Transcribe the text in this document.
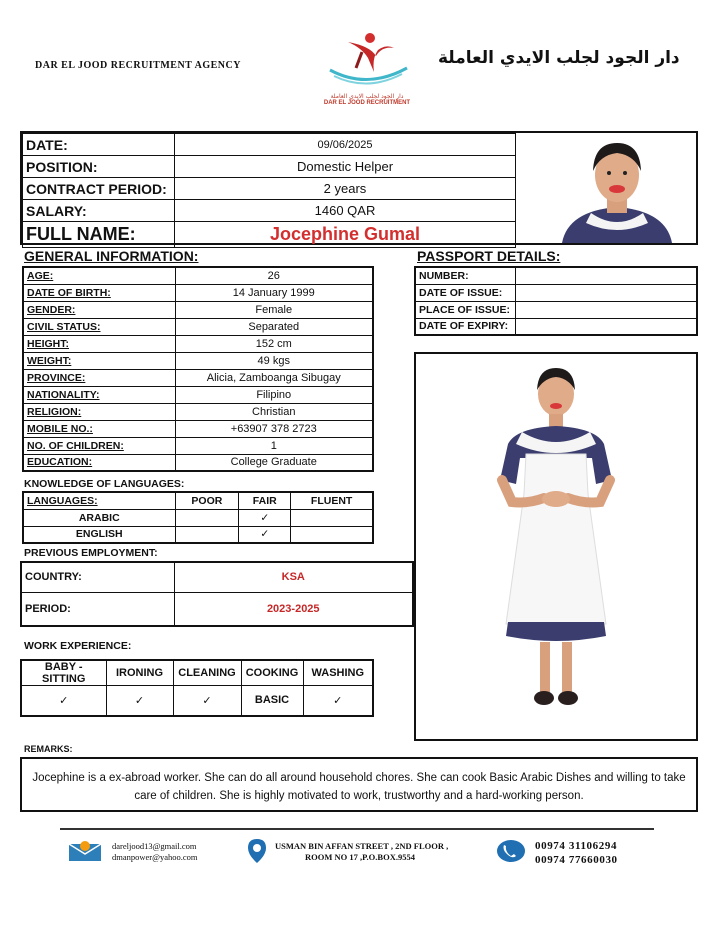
DAR EL JOOD RECRUITMENT AGENCY
دار الجود لجلب الايدي العاملة
DAR EL JOOD RECRUITMENT
دار الجود لجلب الايدي العاملة
DATE:	09/06/2025
POSITION:	Domestic Helper
CONTRACT PERIOD:	2 years
SALARY:	1460 QAR
FULL NAME:	Jocephine Gumal
GENERAL INFORMATION:
AGE:	26
DATE OF BIRTH:	14 January 1999
GENDER:	Female
CIVIL STATUS:	Separated
HEIGHT:	152 cm
WEIGHT:	49 kgs
PROVINCE:	Alicia, Zamboanga Sibugay
NATIONALITY:	Filipino
RELIGION:	Christian
MOBILE NO.:	+63907 378 2723
NO. OF CHILDREN:	1
EDUCATION:	College Graduate
PASSPORT DETAILS:
NUMBER:	
DATE OF ISSUE:	
PLACE OF ISSUE:	
DATE OF EXPIRY:	
KNOWLEDGE OF LANGUAGES:
LANGUAGES:	POOR	FAIR	FLUENT
ARABIC		✓	
ENGLISH		✓	
PREVIOUS EMPLOYMENT:
COUNTRY:	KSA
PERIOD:	2023-2025
WORK EXPERIENCE:
BABY - SITTING	IRONING	CLEANING	COOKING	WASHING
✓	✓	✓	BASIC	✓
REMARKS:
Jocephine is a ex-abroad worker. She can do all around household chores. She can cook Basic Arabic Dishes and willing to take care of children. She is highly motivated to work, trustworthy and a hard-working person.
dareljood13@gmail.com
dmanpower@yahoo.com
USMAN BIN AFFAN STREET , 2ND FLOOR ,
ROOM NO 17 ,P.O.BOX.9554
00974 31106294
00974 77660030
